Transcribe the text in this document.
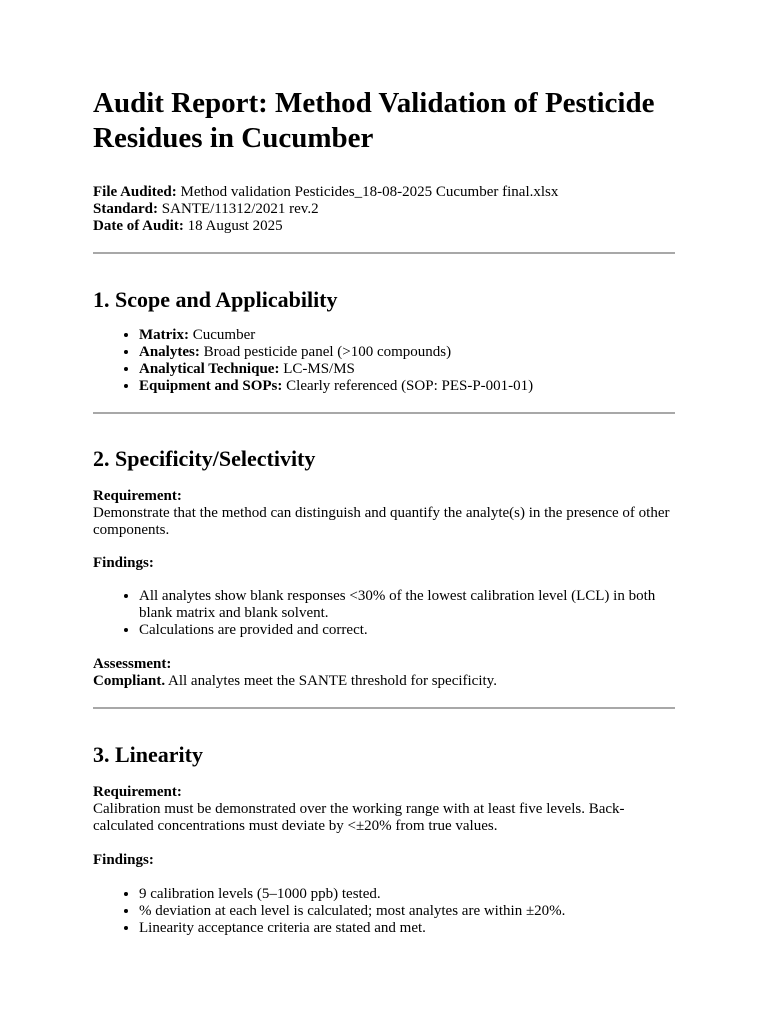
Audit Report: Method Validation of Pesticide Residues in Cucumber
File Audited: Method validation Pesticides_18-08-2025 Cucumber final.xlsx
Standard: SANTE/11312/2021 rev.2
Date of Audit: 18 August 2025
1. Scope and Applicability
• Matrix: Cucumber
• Analytes: Broad pesticide panel (>100 compounds)
• Analytical Technique: LC-MS/MS
• Equipment and SOPs: Clearly referenced (SOP: PES-P-001-01)
2. Specificity/Selectivity

Requirement:

Demonstrate that the method can distinguish and quantify the analyte(s) in the presence of other components.

Findings:

• All analytes show blank responses <30% of the lowest calibration level (LCL) in both blank matrix and blank solvent.
• Calculations are provided and correct.

Assessment:

Compliant. All analytes meet the SANTE threshold for specificity.

3. Linearity

Requirement:

Calibration must be demonstrated over the working range with at least five levels. Back-calculated concentrations must deviate by <±20% from true values.

Findings:

• 9 calibration levels (5–1000 ppb) tested.
• % deviation at each level is calculated; most analytes are within ±20%.
• Linearity acceptance criteria are stated and met.
